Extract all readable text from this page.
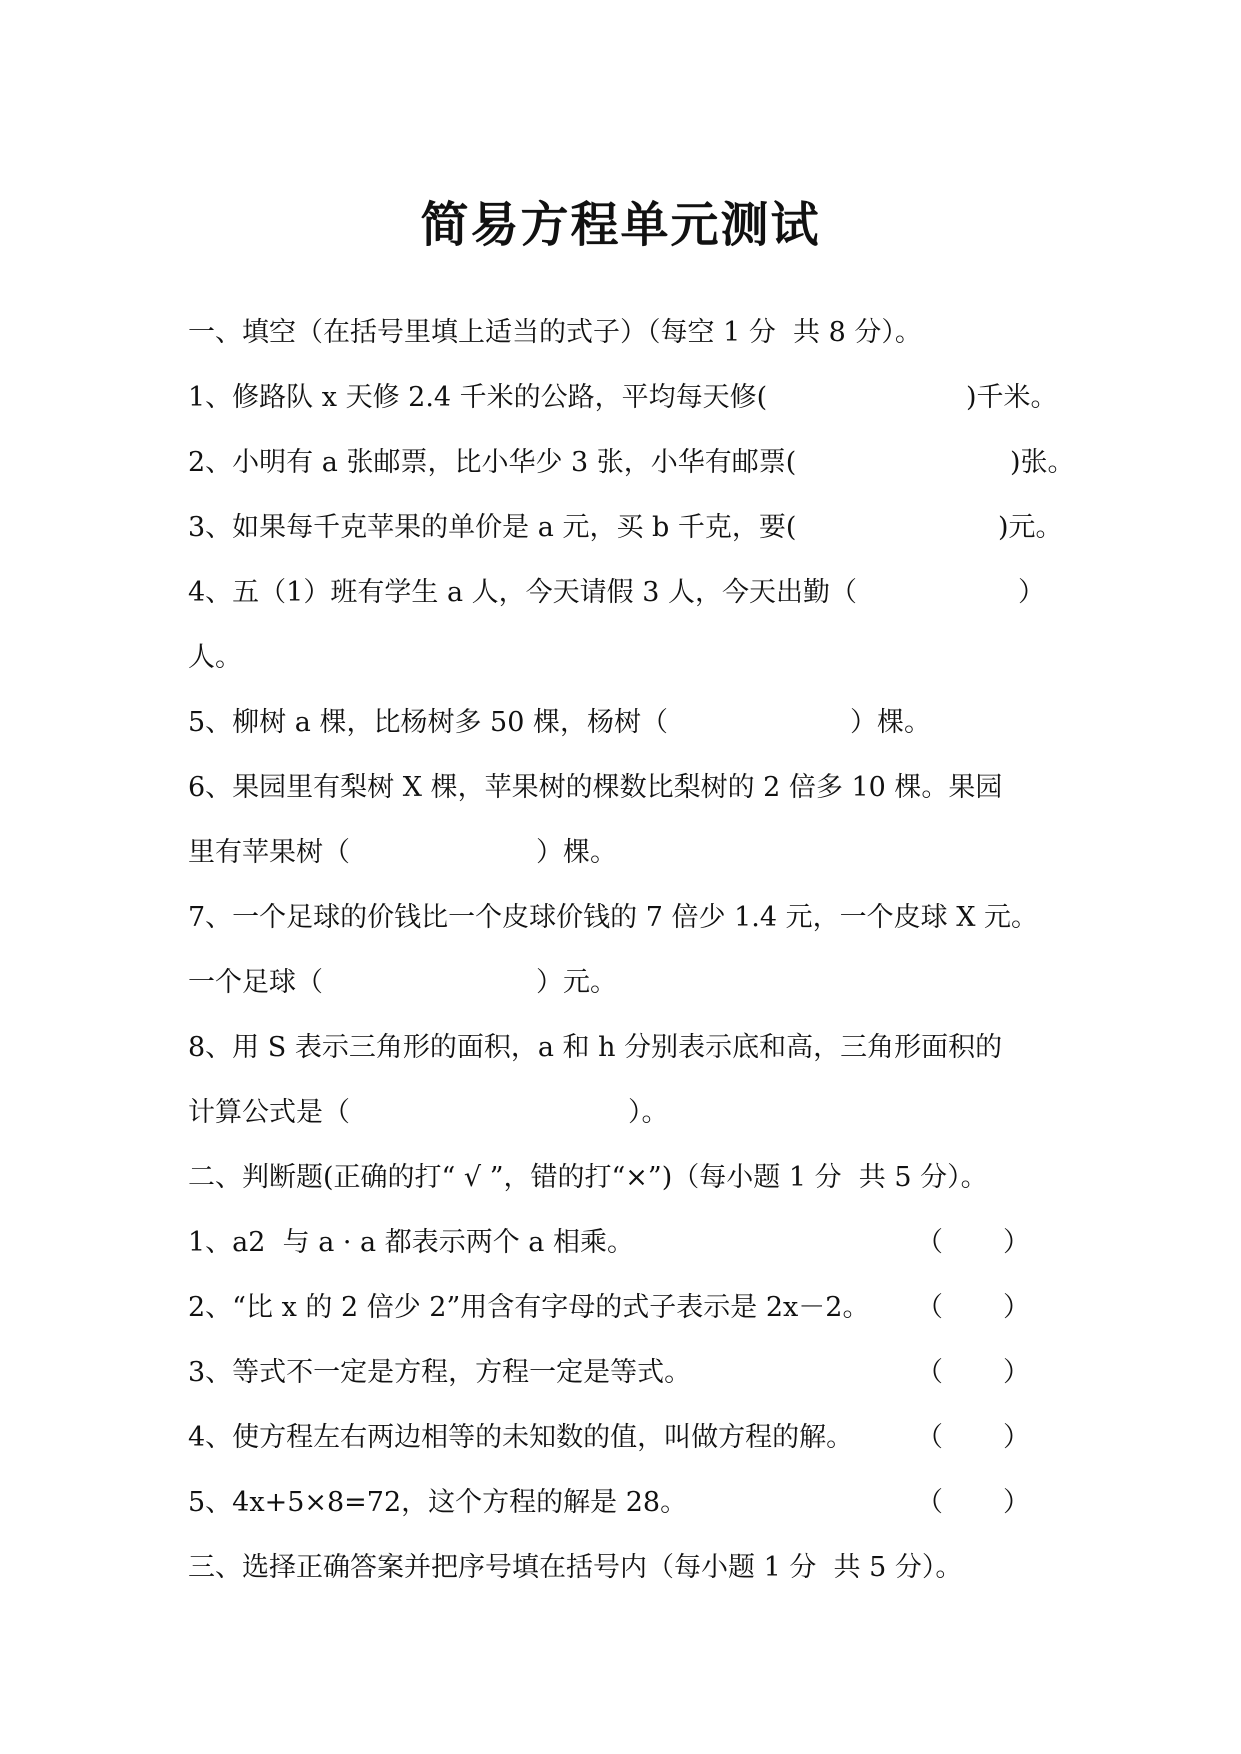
简易方程单元测试

一、填空（在括号里填上适当的式子）（每空 1 分  共 8 分）。

1、修路队 x 天修 2.4 千米的公路，平均每天修(

	)千米。

2、小明有 a 张邮票，比小华少 3 张，小华有邮票(

	)张。

3、如果每千克苹果的单价是 a 元，买 b 千克，要(

	)元。

4、五（1）班有学生 a 人，今天请假 3 人，今天出勤（

	）

人。

5、柳树 a 棵，比杨树多 50 棵，杨树（

	）棵。

6、果园里有梨树 X 棵，苹果树的棵数比梨树的 2 倍多 10 棵。果园

里有苹果树（

	）棵。

7、一个足球的价钱比一个皮球价钱的 7 倍少 1.4 元，一个皮球 X 元。

一个足球（

	）元。

8、用 S 表示三角形的面积，a 和 h 分别表示底和高，三角形面积的

计算公式是（

	）。

二、判断题(正确的打“ √ ”，错的打“×”)（每小题 1 分  共 5 分）。

1、a2  与 a · a 都表示两个 a 相乘。

	（

）

2、“比 x 的 2 倍少 2”用含有字母的式子表示是 2x－2。

（

）

3、等式不一定是方程，方程一定是等式。

	（

）

4、使方程左右两边相等的未知数的值，叫做方程的解。

（

）

5、4x+5×8=72，这个方程的解是 28。

	（

）

三、选择正确答案并把序号填在括号内（每小题 1 分  共 5 分）。
